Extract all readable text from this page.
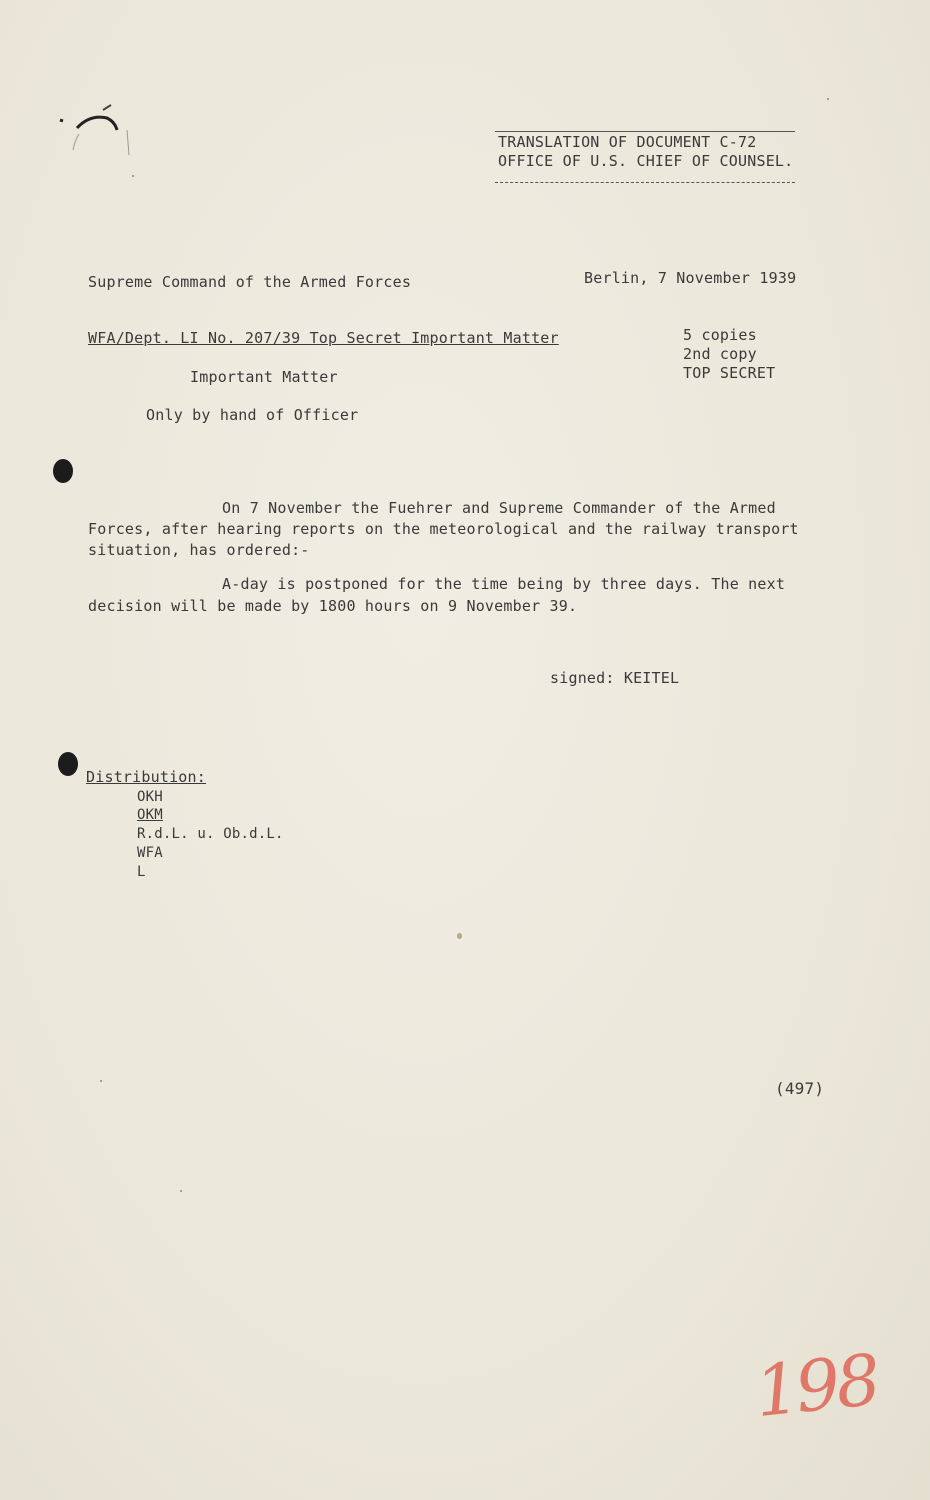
TRANSLATION OF DOCUMENT C-72
OFFICE OF U.S. CHIEF OF COUNSEL.
Supreme Command of the Armed Forces	Berlin, 7 November 1939
WFA/Dept. LI No. 207/39 Top Secret Important Matter	5 copies
2nd copy
TOP SECRET
Important Matter
Only by hand of Officer
On 7 November the Fuehrer and Supreme Commander of the Armed
Forces, after hearing reports on the meteorological and the railway transport
situation, has ordered:-
A-day is postponed for the time being by three days. The next
decision will be made by 1800 hours on 9 November 39.
signed: KEITEL
Distribution:
OKH
OKM
R.d.L. u. Ob.d.L.
WFA
L
(497)
198
